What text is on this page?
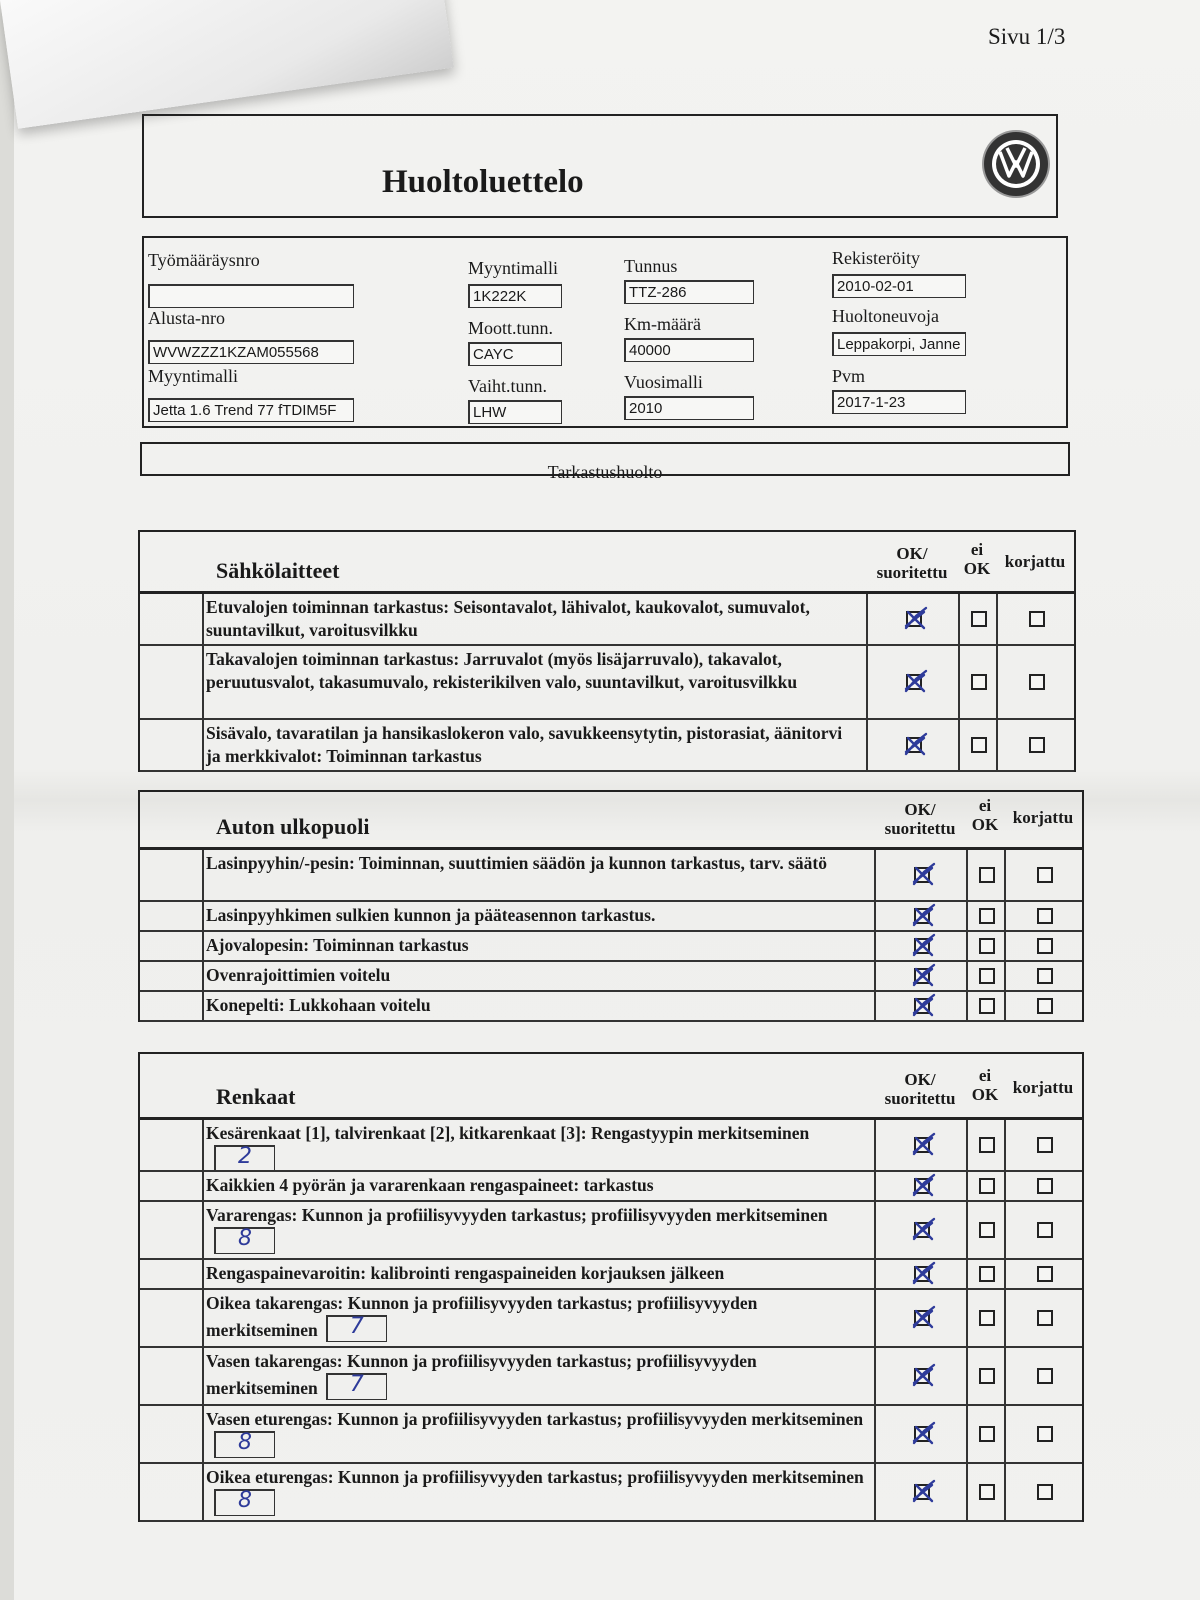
Sivu 1/3
Huoltoluettelo
Työmääräysnro
Alusta-nro
WVWZZZ1KZAM055568
Myyntimalli
Jetta 1.6 Trend 77 fTDIM5F
Myyntimalli
1K222K
Moott.tunn.
CAYC
Vaiht.tunn.
LHW
Tunnus
TTZ-286
Km-määrä
40000
Vuosimalli
2010
Rekisteröity
2010-02-01
Huoltoneuvoja
Leppakorpi, Janne
Pvm
2017-1-23
Tarkastushuolto
Sähkölaitteet
OK/
suoritettu
ei
OK korjattu
Etuvalojen toiminnan tarkastus: Seisontavalot, lähivalot, kaukovalot, sumuvalot, suuntavilkut, varoitusvilkku
Takavalojen toiminnan tarkastus: Jarruvalot (myös lisäjarruvalo), takavalot, peruutusvalot, takasumuvalo, rekisterikilven valo, suuntavilkut, varoitusvilkku
Sisävalo, tavaratilan ja hansikaslokeron valo, savukkeensytytin, pistorasiat, äänitorvi ja merkkivalot: Toiminnan tarkastus
Auton ulkopuoli
OK/
suoritettu
ei
OK korjattu
Lasinpyyhin/-pesin: Toiminnan, suuttimien säädön ja kunnon tarkastus, tarv. säätö
Lasinpyyhkimen sulkien kunnon ja pääteasennon tarkastus.
Ajovalopesin: Toiminnan tarkastus
Ovenrajoittimien voitelu
Konepelti: Lukkohaan voitelu
Renkaat
OK/
suoritettu
ei
OK korjattu
Kesärenkaat [1], talvirenkaat [2], kitkarenkaat [3]: Rengastyypin merkitseminen2
Kaikkien 4 pyörän ja vararenkaan rengaspaineet: tarkastus
Vararengas: Kunnon ja profiilisyvyyden tarkastus; profiilisyvyyden merkitseminen8
Rengaspainevaroitin: kalibrointi rengaspaineiden korjauksen jälkeen
Oikea takarengas: Kunnon ja profiilisyvyyden tarkastus; profiilisyvyyden merkitseminen 7
Vasen takarengas: Kunnon ja profiilisyvyyden tarkastus; profiilisyvyyden merkitseminen 7
Vasen eturengas: Kunnon ja profiilisyvyyden tarkastus; profiilisyvyyden merkitseminen8
Oikea eturengas: Kunnon ja profiilisyvyyden tarkastus; profiilisyvyyden merkitseminen8
